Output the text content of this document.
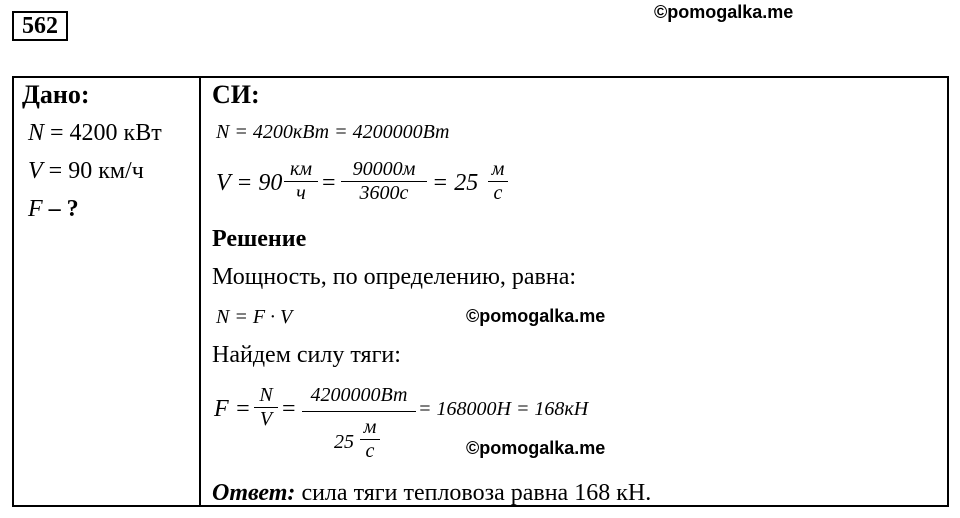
562
©pomogalka.me
Дано:
N = 4200 кВт
V = 90 км/ч
F – ?
СИ:
N = 4200кВт = 4200000Вт
V = 90
км
ч =
90000м
3600с = 25
м
с
Решение
Мощность, по определению, равна:
N = F · V
Найдем силу тяги:
F =
N
V =
4200000Вт
25
м
с
= 168000Н = 168кН
Ответ: сила тяги тепловоза равна 168 кН.
©pomogalka.me
©pomogalka.me
